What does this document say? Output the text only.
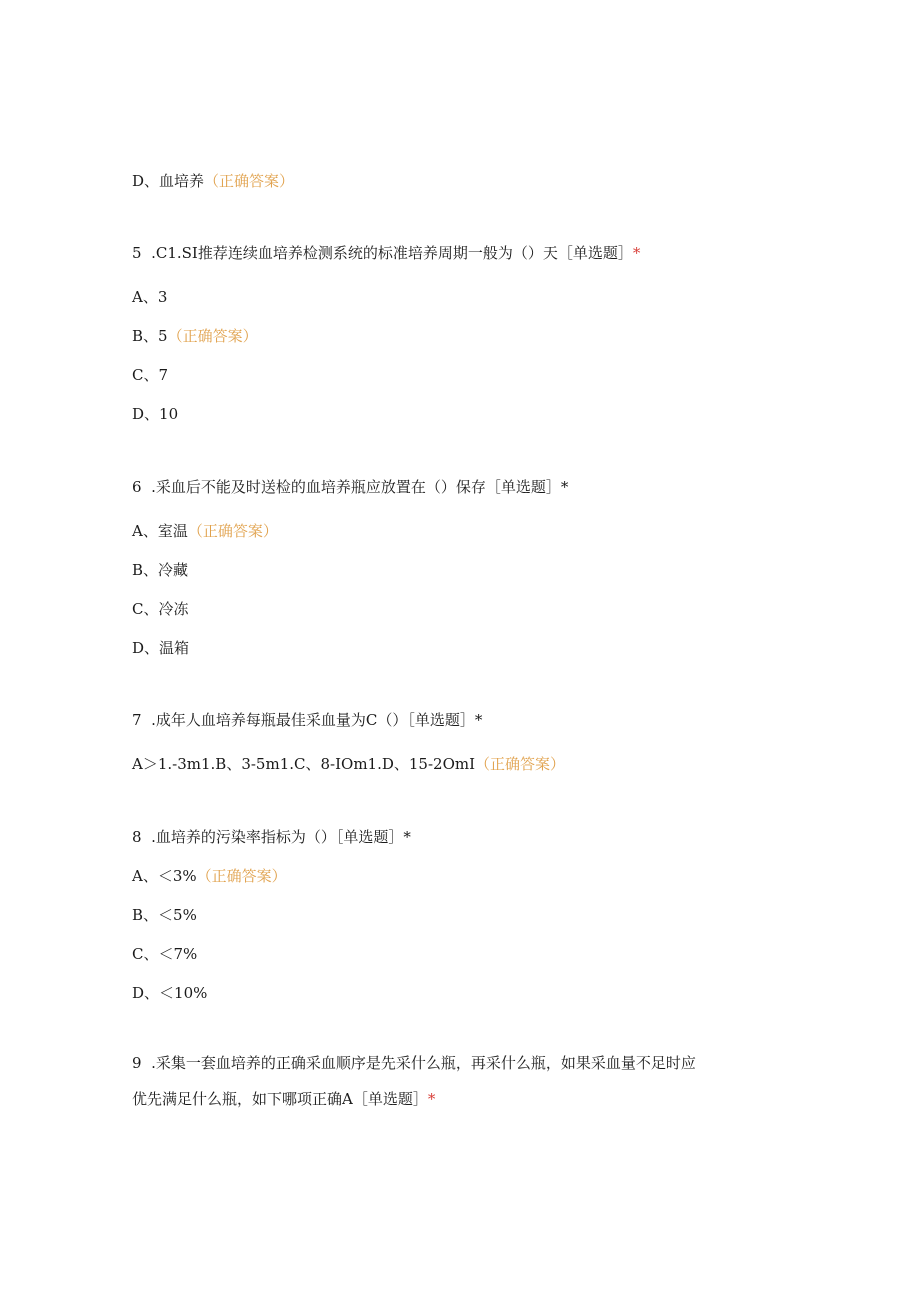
D、血培养（正确答案）
5 .C1.SI推荐连续血培养检测系统的标准培养周期一般为（）天［单选题］*
A、3
B、5（正确答案）
C、7
D、10
6 .采血后不能及时送检的血培养瓶应放置在（）保存［单选题］*
A、室温（正确答案）
B、冷藏
C、冷冻
D、温箱
7 .成年人血培养每瓶最佳采血量为C（）［单选题］*
A＞1.-3m1.B、3-5m1.C、8-IOm1.D、15-2OmI（正确答案）
8 .血培养的污染率指标为（）［单选题］*
A、＜3%（正确答案）
B、＜5%
C、＜7%
D、＜10%
9 .采集一套血培养的正确采血顺序是先采什么瓶，再采什么瓶，如果采血量不足时应
优先满足什么瓶，如下哪项正确A［单选题］*
